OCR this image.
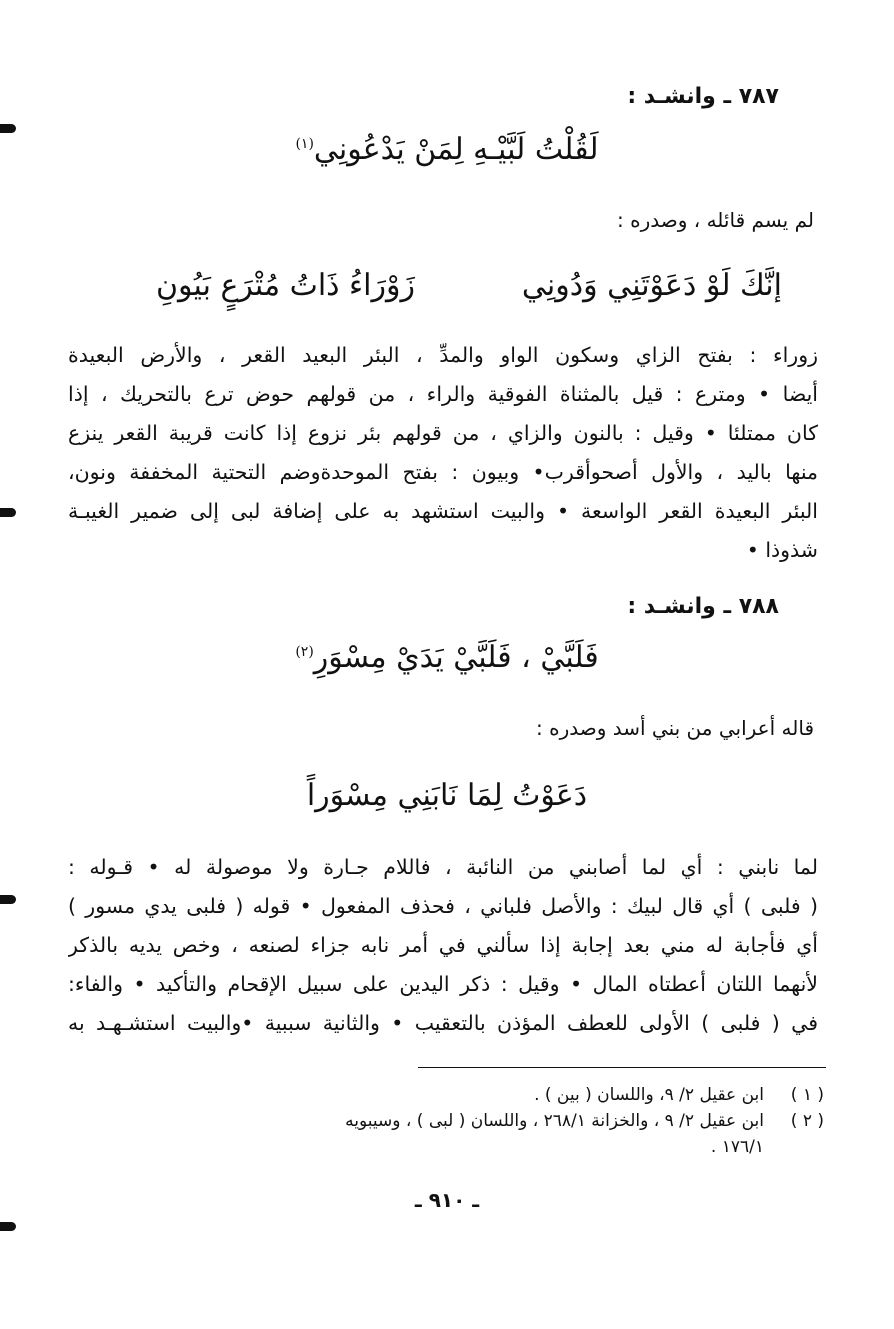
٧٨٧ ـ وانشـد :
لَقُلْتُ لَبَّيْـهِ لِمَنْ يَدْعُونِي$^{(١)}$
لم يسم قائله ، وصدره :
إنَّكَ لَوْ دَعَوْتَنِي وَدُونِي
زَوْرَاءُ ذَاتُ مُتْرَعٍ بَيُونِ
زوراء : بفتح الزاي وسكون الواو والمدِّ ، البئر البعيد القعر ، والأرض البعيدة
أيضا • ومترع : قيل بالمثناة الفوقية والراء ، من قولهم حوض ترع بالتحريك ، إذا
كان ممتلئا • وقيل : بالنون والزاي ، من قولهم بئر نزوع إذا كانت قريبة القعر ينزع
منها باليد ، والأول أصحوأقرب• وبيون : بفتح الموحدةوضم التحتية المخففة ونون،
البئر البعيدة القعر الواسعة • والبيت استشهد به على إضافة لبى إلى ضمير الغيبـة
شذوذا •
٧٨٨ ـ وانشـد :
فَلَبَّيْ ، فَلَبَّيْ يَدَيْ مِسْوَرِ$^{(٢)}$
قاله أعرابي من بني أسد وصدره :
دَعَوْتُ لِمَا نَابَنِي مِسْوَراً
لما نابني : أي لما أصابني من النائبة ، فاللام جـارة ولا موصولة له • قـوله :
( فلبى ) أي قال لبيك : والأصل فلباني ، فحذف المفعول • قوله ( فلبى يدي مسور )
أي فأجابة له مني بعد إجابة إذا سألني في أمر نابه جزاء لصنعه ، وخص يديه بالذكر
لأنهما اللتان أعطتاه المال • وقيل : ذكر اليدين على سبيل الإقحام والتأكيد • والفاء:
في ( فلبى ) الأولى للعطف المؤذن بالتعقيب • والثانية سببية •والبيت استشـهـد به
( ١ )ابن عقيل ٢/ ٩، واللسان ( بين ) .
( ٢ )ابن عقيل ٢/ ٩ ، والخزانة ٢٦٨/١ ، واللسان ( لبى ) ، وسيبويه
١٧٦/١ .
ـ ٩١٠ ـ
